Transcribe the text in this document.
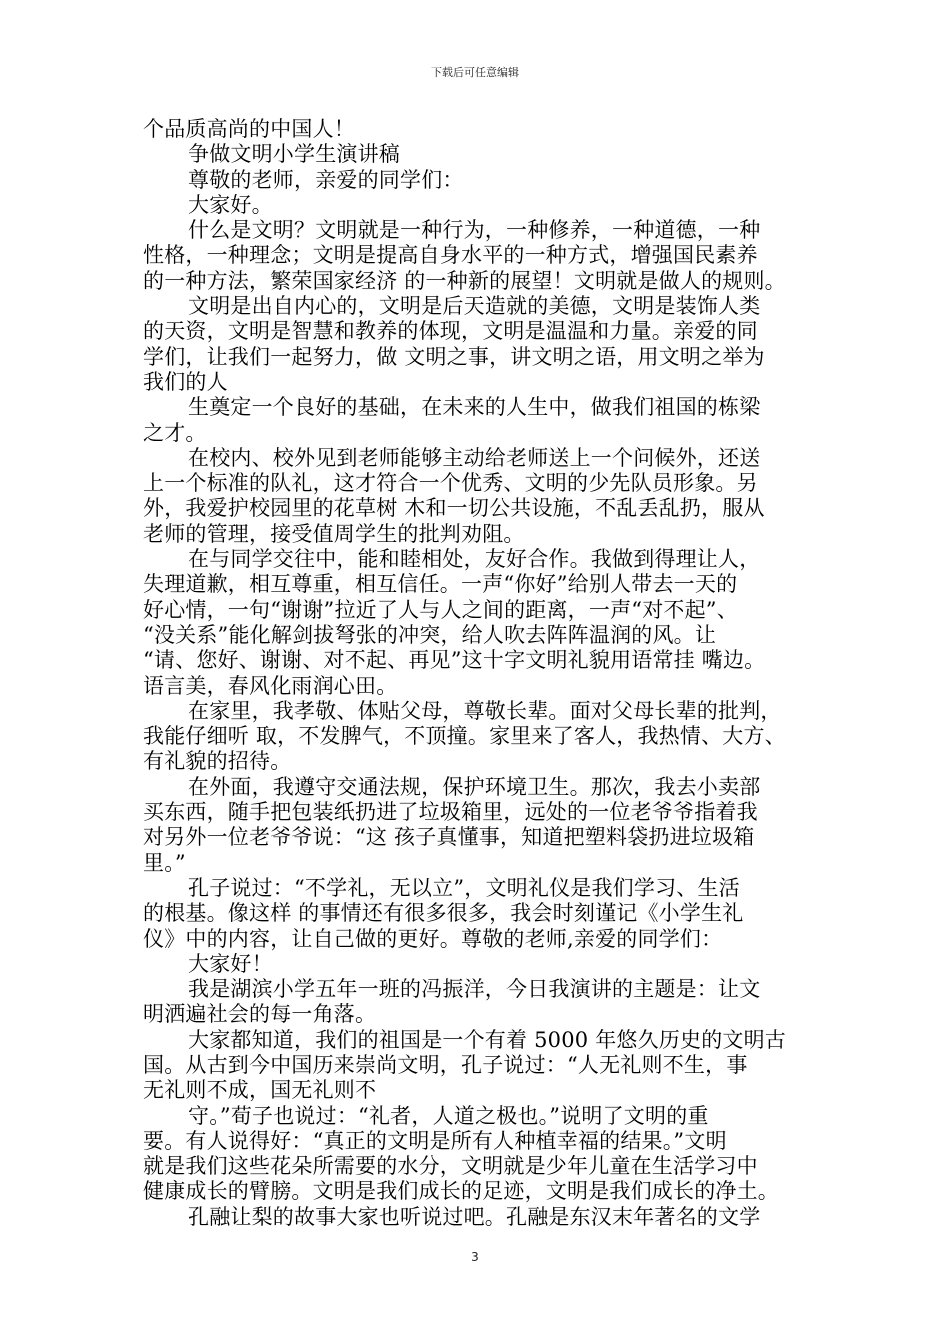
下载后可任意编辑
个品质高尚的中国人！
争做文明小学生演讲稿
尊敬的老师，亲爱的同学们：
大家好。
什么是文明？文明就是一种行为，一种修养，一种道德，一种
性格，一种理念；文明是提高自身水平的一种方式，增强国民素养
的一种方法，繁荣国家经济 的一种新的展望！文明就是做人的规则。
文明是出自内心的，文明是后天造就的美德，文明是装饰人类
的天资，文明是智慧和教养的体现，文明是温温和力量。亲爱的同
学们，让我们一起努力，做 文明之事，讲文明之语，用文明之举为
我们的人
生奠定一个良好的基础，在未来的人生中，做我们祖国的栋梁
之才。
在校内、校外见到老师能够主动给老师送上一个问候外，还送
上一个标准的队礼，这才符合一个优秀、文明的少先队员形象。另
外，我爱护校园里的花草树 木和一切公共设施，不乱丢乱扔，服从
老师的管理，接受值周学生的批判劝阻。
在与同学交往中，能和睦相处，友好合作。我做到得理让人，
失理道歉，相互尊重，相互信任。一声“你好”给别人带去一天的
好心情，一句“谢谢”拉近了人与人之间的距离，一声“对不起”、
“没关系”能化解剑拔弩张的冲突，给人吹去阵阵温润的风。让
“请、您好、谢谢、对不起、再见”这十字文明礼貌用语常挂 嘴边。
语言美，春风化雨润心田。
在家里，我孝敬、体贴父母，尊敬长辈。面对父母长辈的批判，
我能仔细听 取，不发脾气，不顶撞。家里来了客人，我热情、大方、
有礼貌的招待。
在外面，我遵守交通法规，保护环境卫生。那次，我去小卖部
买东西，随手把包装纸扔进了垃圾箱里，远处的一位老爷爷指着我
对另外一位老爷爷说：“这 孩子真懂事，知道把塑料袋扔进垃圾箱
里。”
孔子说过：“不学礼，无以立”，文明礼仪是我们学习、生活
的根基。像这样 的事情还有很多很多，我会时刻谨记《小学生礼
仪》中的内容，让自己做的更好。尊敬的老师,亲爱的同学们：
大家好！
我是湖滨小学五年一班的冯振洋，今日我演讲的主题是：让文
明洒遍社会的每一角落。
大家都知道，我们的祖国是一个有着 5000 年悠久历史的文明古
国。从古到今中国历来崇尚文明，孔子说过：“人无礼则不生，事
无礼则不成，国无礼则不
守。”荀子也说过：“礼者，人道之极也。”说明了文明的重
要。有人说得好：“真正的文明是所有人种植幸福的结果。”文明
就是我们这些花朵所需要的水分，文明就是少年儿童在生活学习中
健康成长的臂膀。文明是我们成长的足迹，文明是我们成长的净土。
孔融让梨的故事大家也听说过吧。孔融是东汉末年著名的文学
3
